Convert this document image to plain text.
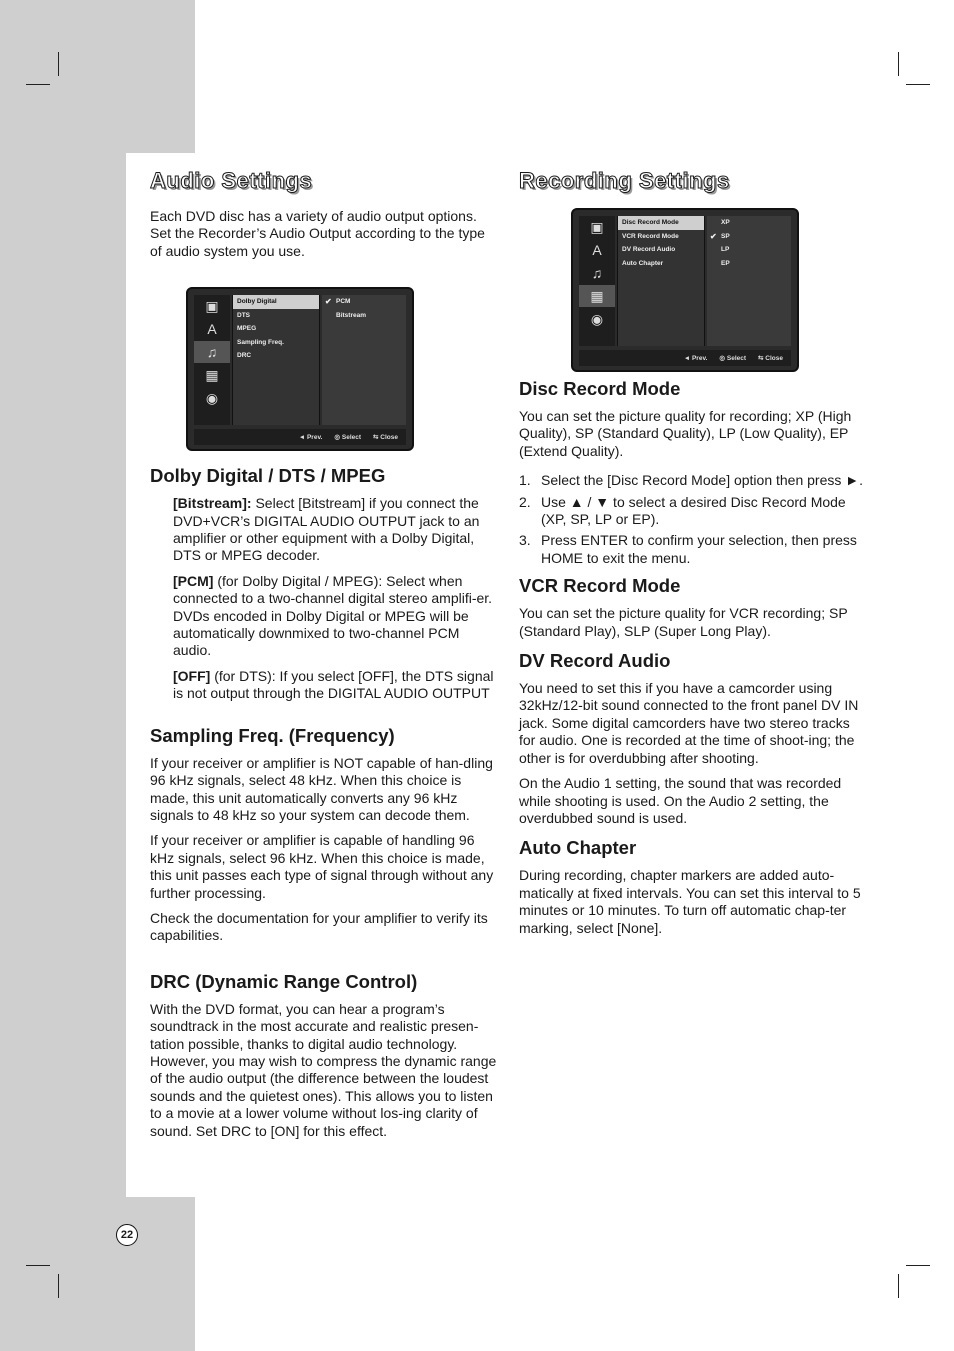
22
Audio Settings

Each DVD disc has a variety of audio output options. Set the Recorder’s Audio Output according to the type of audio system you use.

▣
A
♫
▦
◉
Dolby Digital
DTS
MPEG
Sampling Freq.
DRC
✔ PCM
Bitstream
◄ Prev. ◎ Select ⇆ Close
Dolby Digital / DTS / MPEG

[Bitstream]: Select [Bitstream] if you connect the DVD+VCR’s DIGITAL AUDIO OUTPUT jack to an amplifier or other equipment with a Dolby Digital, DTS or MPEG decoder.

[PCM] (for Dolby Digital / MPEG): Select when connected to a two-channel digital stereo amplifi-er. DVDs encoded in Dolby Digital or MPEG will be automatically downmixed to two-channel PCM audio.

[OFF] (for DTS): If you select [OFF], the DTS signal is not output through the DIGITAL AUDIO OUTPUT

Sampling Freq. (Frequency)

If your receiver or amplifier is NOT capable of han-dling 96 kHz signals, select 48 kHz. When this choice is made, this unit automatically converts any 96 kHz signals to 48 kHz so your system can decode them.

If your receiver or amplifier is capable of handling 96 kHz signals, select 96 kHz. When this choice is made, this unit passes each type of signal through without any further processing.

Check the documentation for your amplifier to verify its capabilities.

DRC (Dynamic Range Control)

With the DVD format, you can hear a program’s soundtrack in the most accurate and realistic presen-tation possible, thanks to digital audio technology. However, you may wish to compress the dynamic range of the audio output (the difference between the loudest sounds and the quietest ones). This allows you to listen to a movie at a lower volume without los-ing clarity of sound. Set DRC to [ON] for this effect.

Recording Settings
▣
A
♫
▦
◉
Disc Record Mode
VCR Record Mode
DV Record Audio
Auto Chapter
XP
✔ SP
LP
EP
◄ Prev. ◎ Select ⇆ Close
Disc Record Mode

You can set the picture quality for recording; XP (High Quality), SP (Standard Quality), LP (Low Quality), EP (Extend Quality).

1. Select the [Disc Record Mode] option then press ►.
2. Use ▲ / ▼ to select a desired Disc Record Mode (XP, SP, LP or EP).
3. Press ENTER to confirm your selection, then press HOME to exit the menu.
VCR Record Mode

You can set the picture quality for VCR recording; SP (Standard Play), SLP (Super Long Play).

DV Record Audio

You need to set this if you have a camcorder using 32kHz/12-bit sound connected to the front panel DV IN jack. Some digital camcorders have two stereo tracks for audio. One is recorded at the time of shoot-ing; the other is for overdubbing after shooting.

On the Audio 1 setting, the sound that was recorded while shooting is used. On the Audio 2 setting, the overdubbed sound is used.

Auto Chapter

During recording, chapter markers are added auto-matically at fixed intervals. You can set this interval to 5 minutes or 10 minutes. To turn off automatic chap-ter marking, select [None].
